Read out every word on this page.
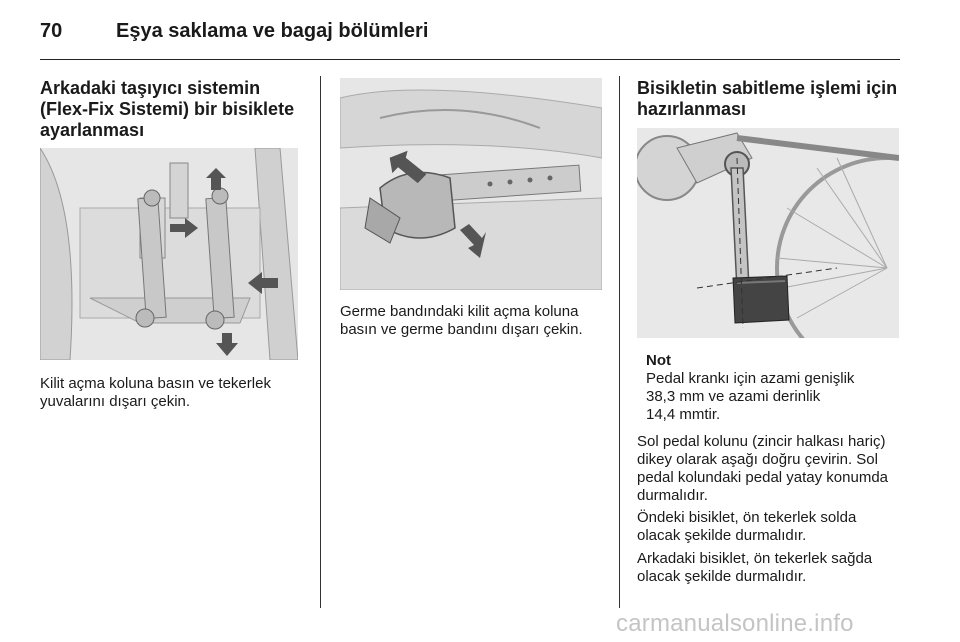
70	Eşya saklama ve bagaj bölümleri
Arkadaki taşıyıcı sistemin
(Flex-Fix Sistemi) bir bisiklete
ayarlanması
Kilit açma koluna basın ve tekerlek
yuvalarını dışarı çekin.
Germe bandındaki kilit açma koluna
basın ve germe bandını dışarı çekin.
Bisikletin sabitleme işlemi için
hazırlanması
Not
Pedal krankı için azami genişlik
38,3 mm ve azami derinlik
14,4 mmtir.
Sol pedal kolunu (zincir halkası hariç)
dikey olarak aşağı doğru çevirin. Sol
pedal kolundaki pedal yatay konumda
durmalıdır.
Öndeki bisiklet, ön tekerlek solda
olacak şekilde durmalıdır.
Arkadaki bisiklet, ön tekerlek sağda
olacak şekilde durmalıdır.
carmanualsonline.info
